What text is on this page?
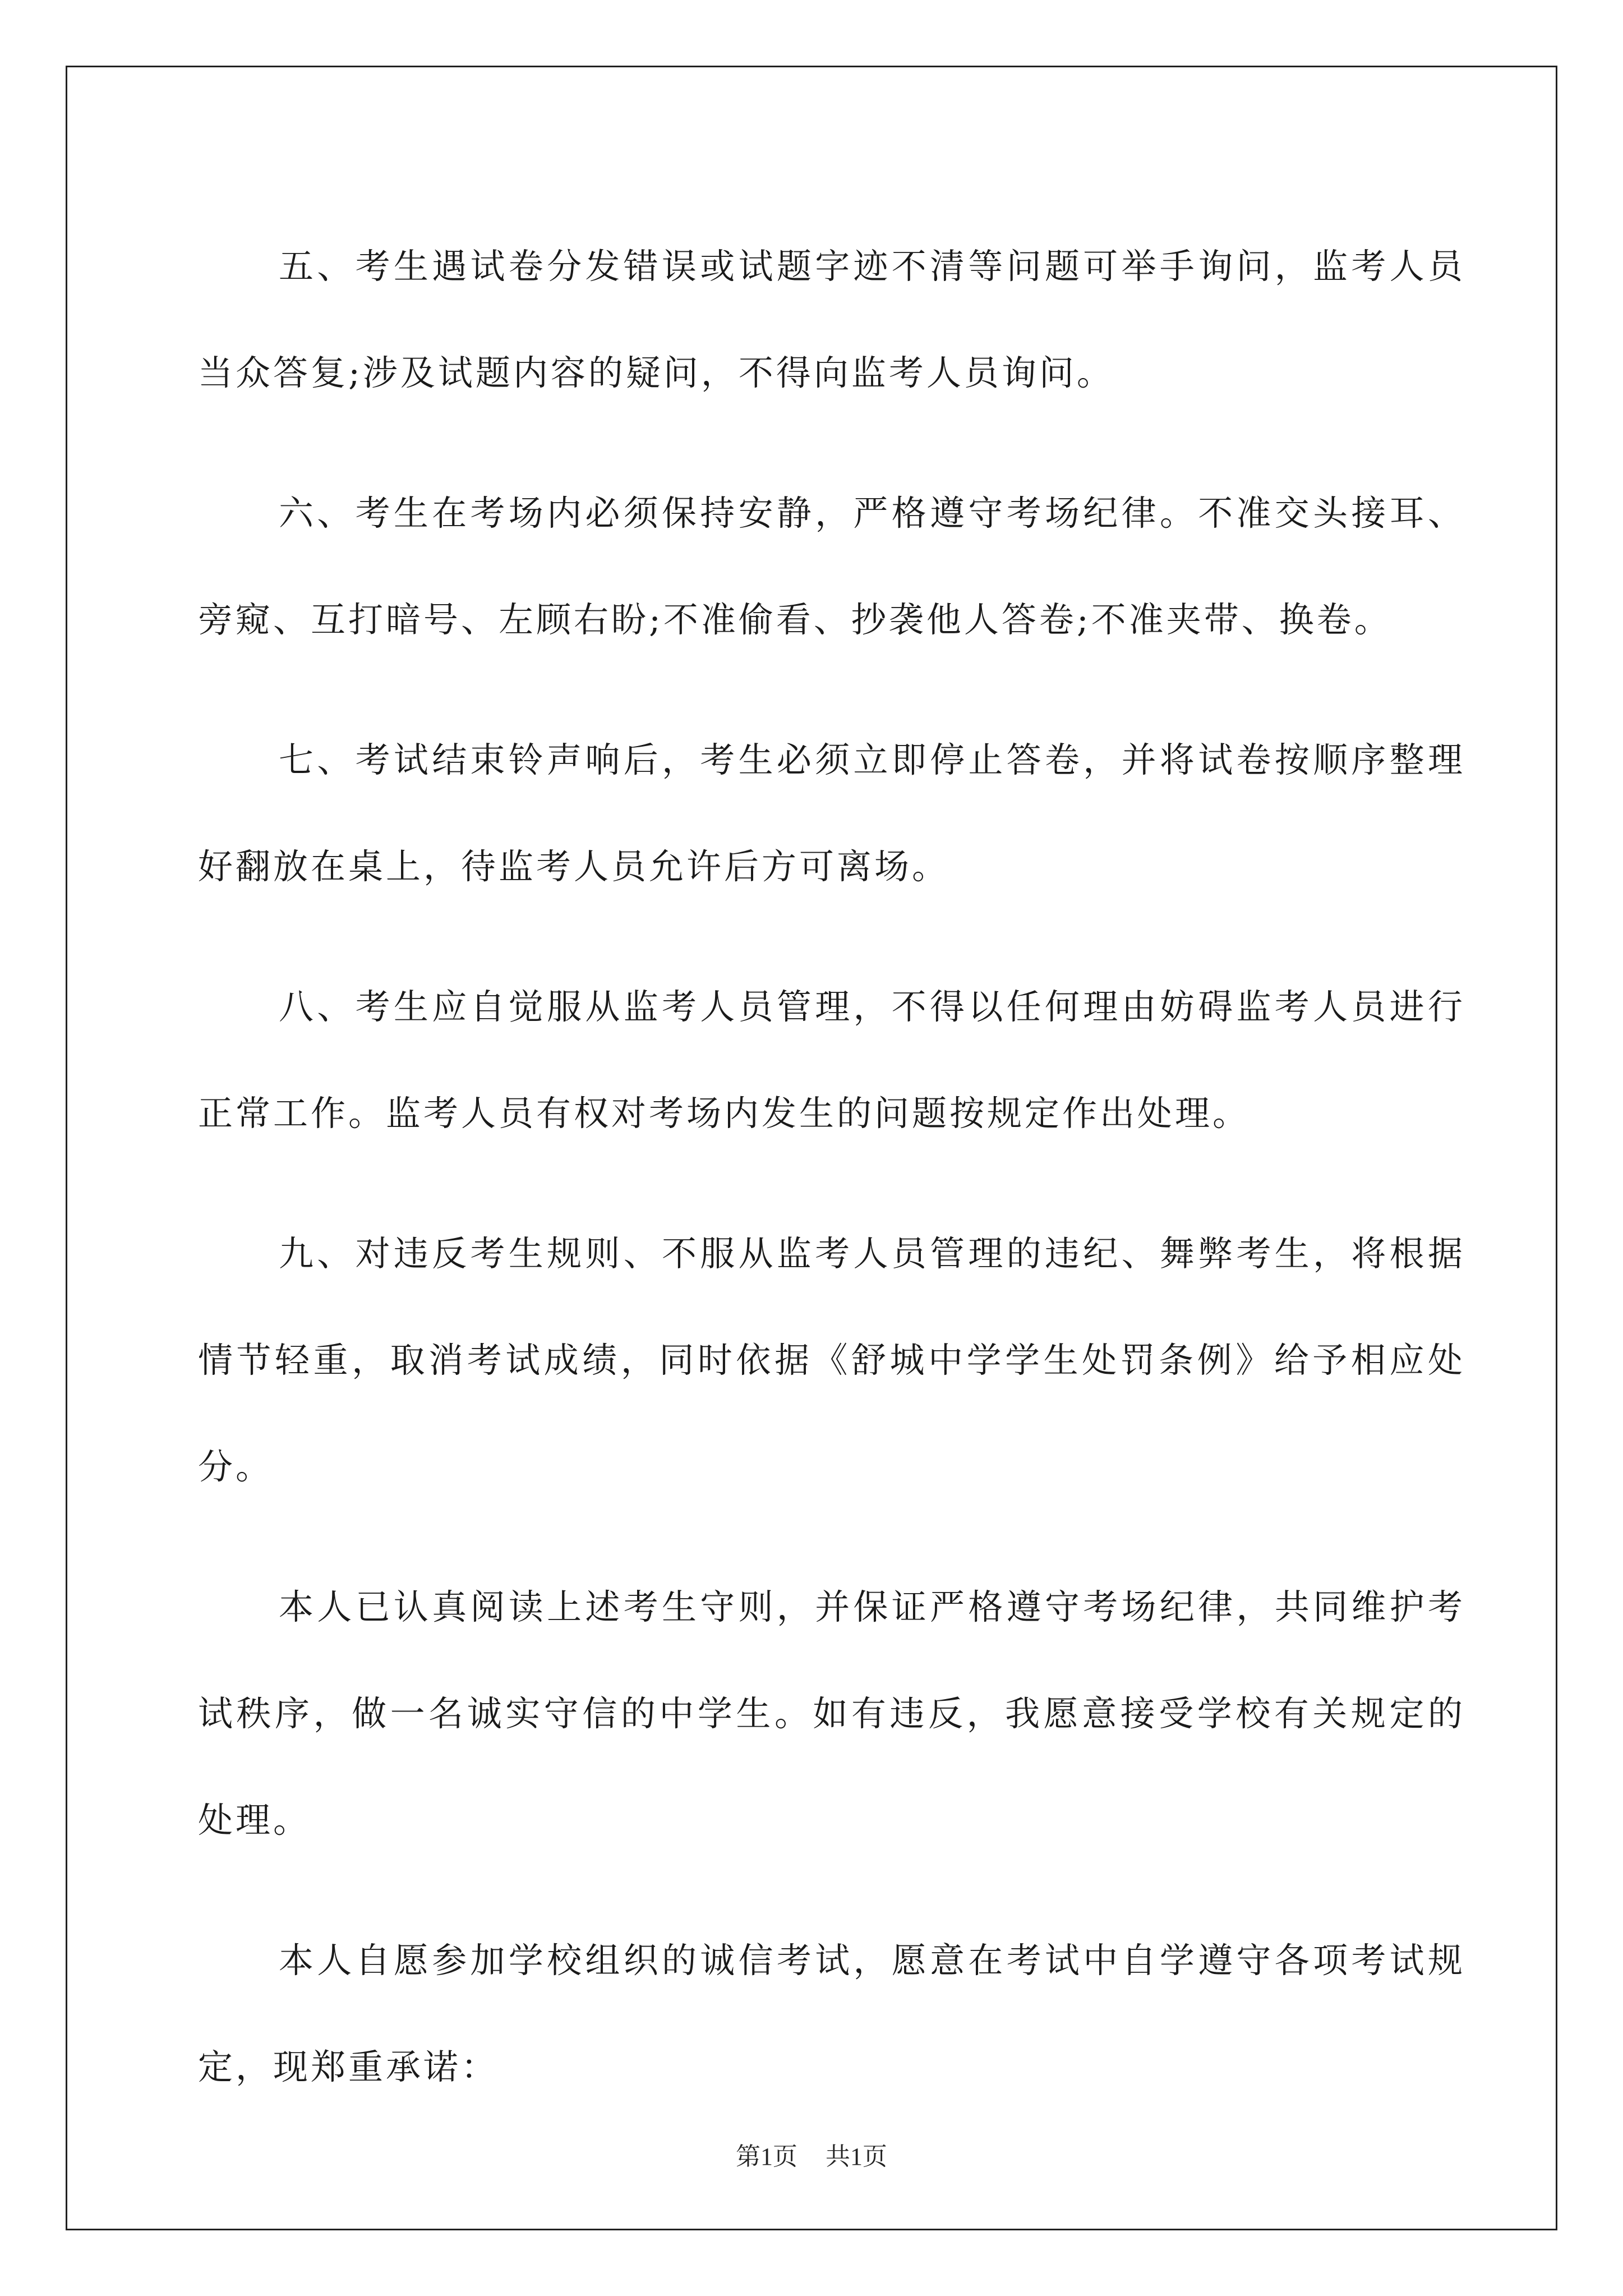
五、考生遇试卷分发错误或试题字迹不清等问题可举手询问，监考人员当众答复;涉及试题内容的疑问，不得向监考人员询问。

六、考生在考场内必须保持安静，严格遵守考场纪律。不准交头接耳、旁窥、互打暗号、左顾右盼;不准偷看、抄袭他人答卷;不准夹带、换卷。

七、考试结束铃声响后，考生必须立即停止答卷，并将试卷按顺序整理好翻放在桌上，待监考人员允许后方可离场。

八、考生应自觉服从监考人员管理，不得以任何理由妨碍监考人员进行正常工作。监考人员有权对考场内发生的问题按规定作出处理。

九、对违反考生规则、不服从监考人员管理的违纪、舞弊考生，将根据情节轻重，取消考试成绩，同时依据《舒城中学学生处罚条例》给予相应处分。

本人已认真阅读上述考生守则，并保证严格遵守考场纪律，共同维护考试秩序，做一名诚实守信的中学生。如有违反，我愿意接受学校有关规定的处理。

本人自愿参加学校组织的诚信考试，愿意在考试中自学遵守各项考试规定，现郑重承诺：

第1页 共1页
